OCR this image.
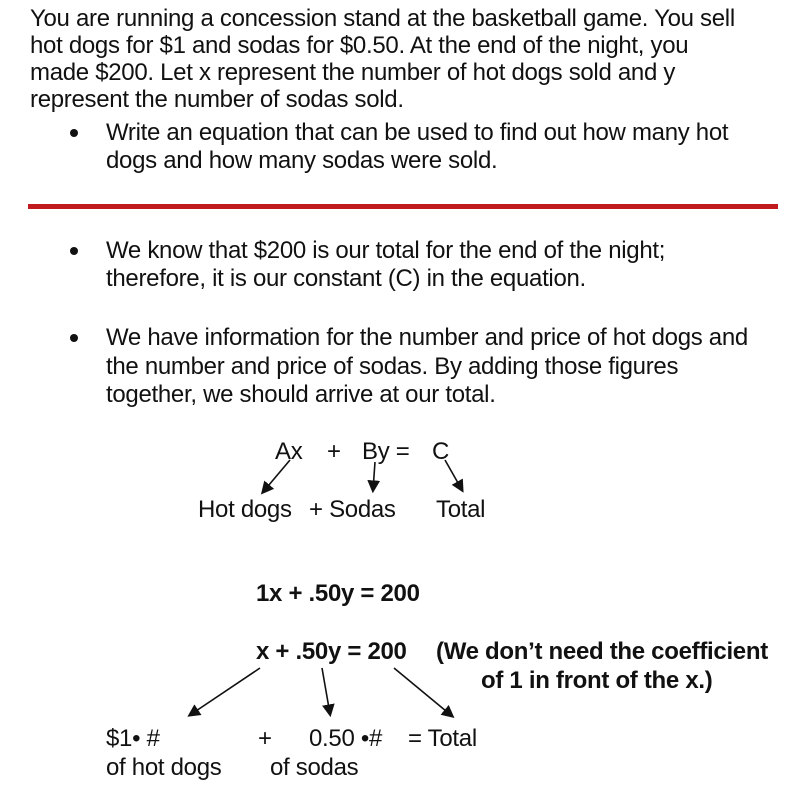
You are running a concession stand at the basketball game. You sell
hot dogs for $1 and sodas for $0.50. At the end of the night, you
made $200. Let x represent the number of hot dogs sold and y
represent the number of sodas sold.
Write an equation that can be used to find out how many hot
dogs and how many sodas were sold.
We know that $200 is our total for the end of the night;
therefore, it is our constant (C) in the equation.
We have information for the number and price of hot dogs and
the number and price of sodas. By adding those figures
together, we should arrive at our total.
Ax + By = C
Hot dogs + Sodas Total
1x + .50y = 200
x + .50y = 200 (We don’t need the coefficient
of 1 in front of the x.)
$1• #
of hot dogs
+ 0.50 •#
of sodas
= Total
